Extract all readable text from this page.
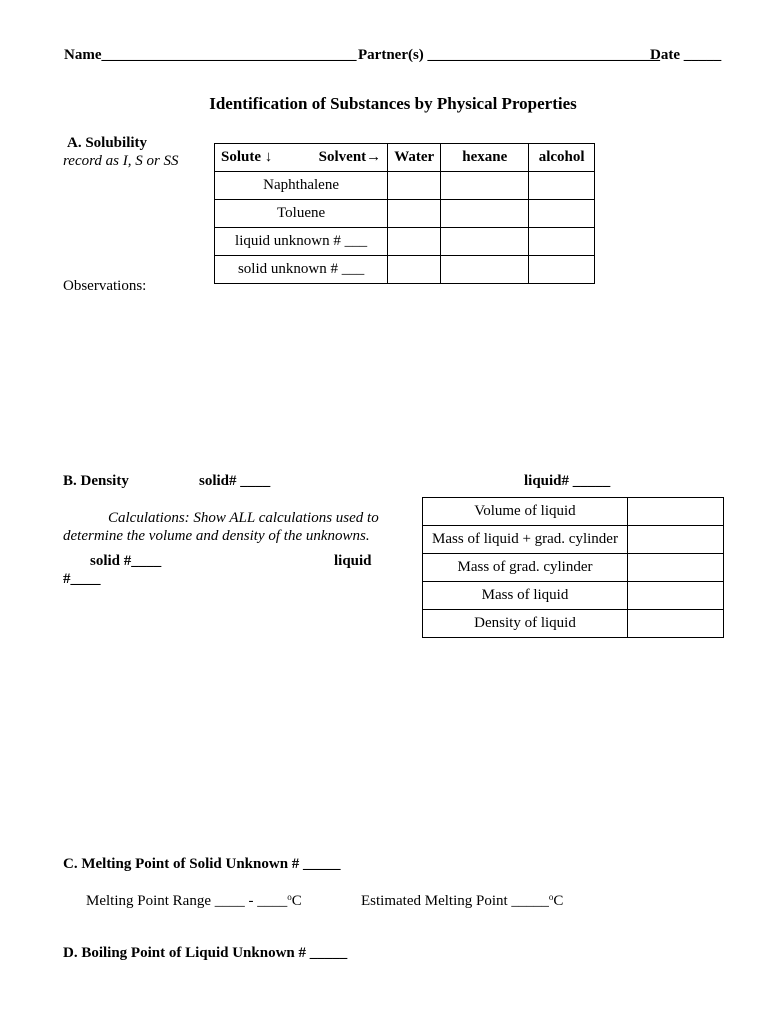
Name__________________________________ Partner(s) _______________________________
Date _____
Identification of Substances by Physical Properties
A. Solubility
record as I, S or SS	Solute ↓ Solvent→	Water	hexane	alcohol
Naphthalene			
Toluene			
liquid unknown # ___			
solid unknown # ___			
Observations:
B. Density	solid# ____	liquid# _____
Calculations: Show ALL calculations used to
determine the volume and density of the unknowns.
solid #____	liquid
#____
Volume of liquid	
Mass of liquid + grad. cylinder	
Mass of grad. cylinder	
Mass of liquid	
Density of liquid	
C. Melting Point of Solid Unknown # _____
Melting Point Range ____ - ____$^o$C	Estimated Melting Point _____$^o$C
D. Boiling Point of Liquid Unknown # _____
